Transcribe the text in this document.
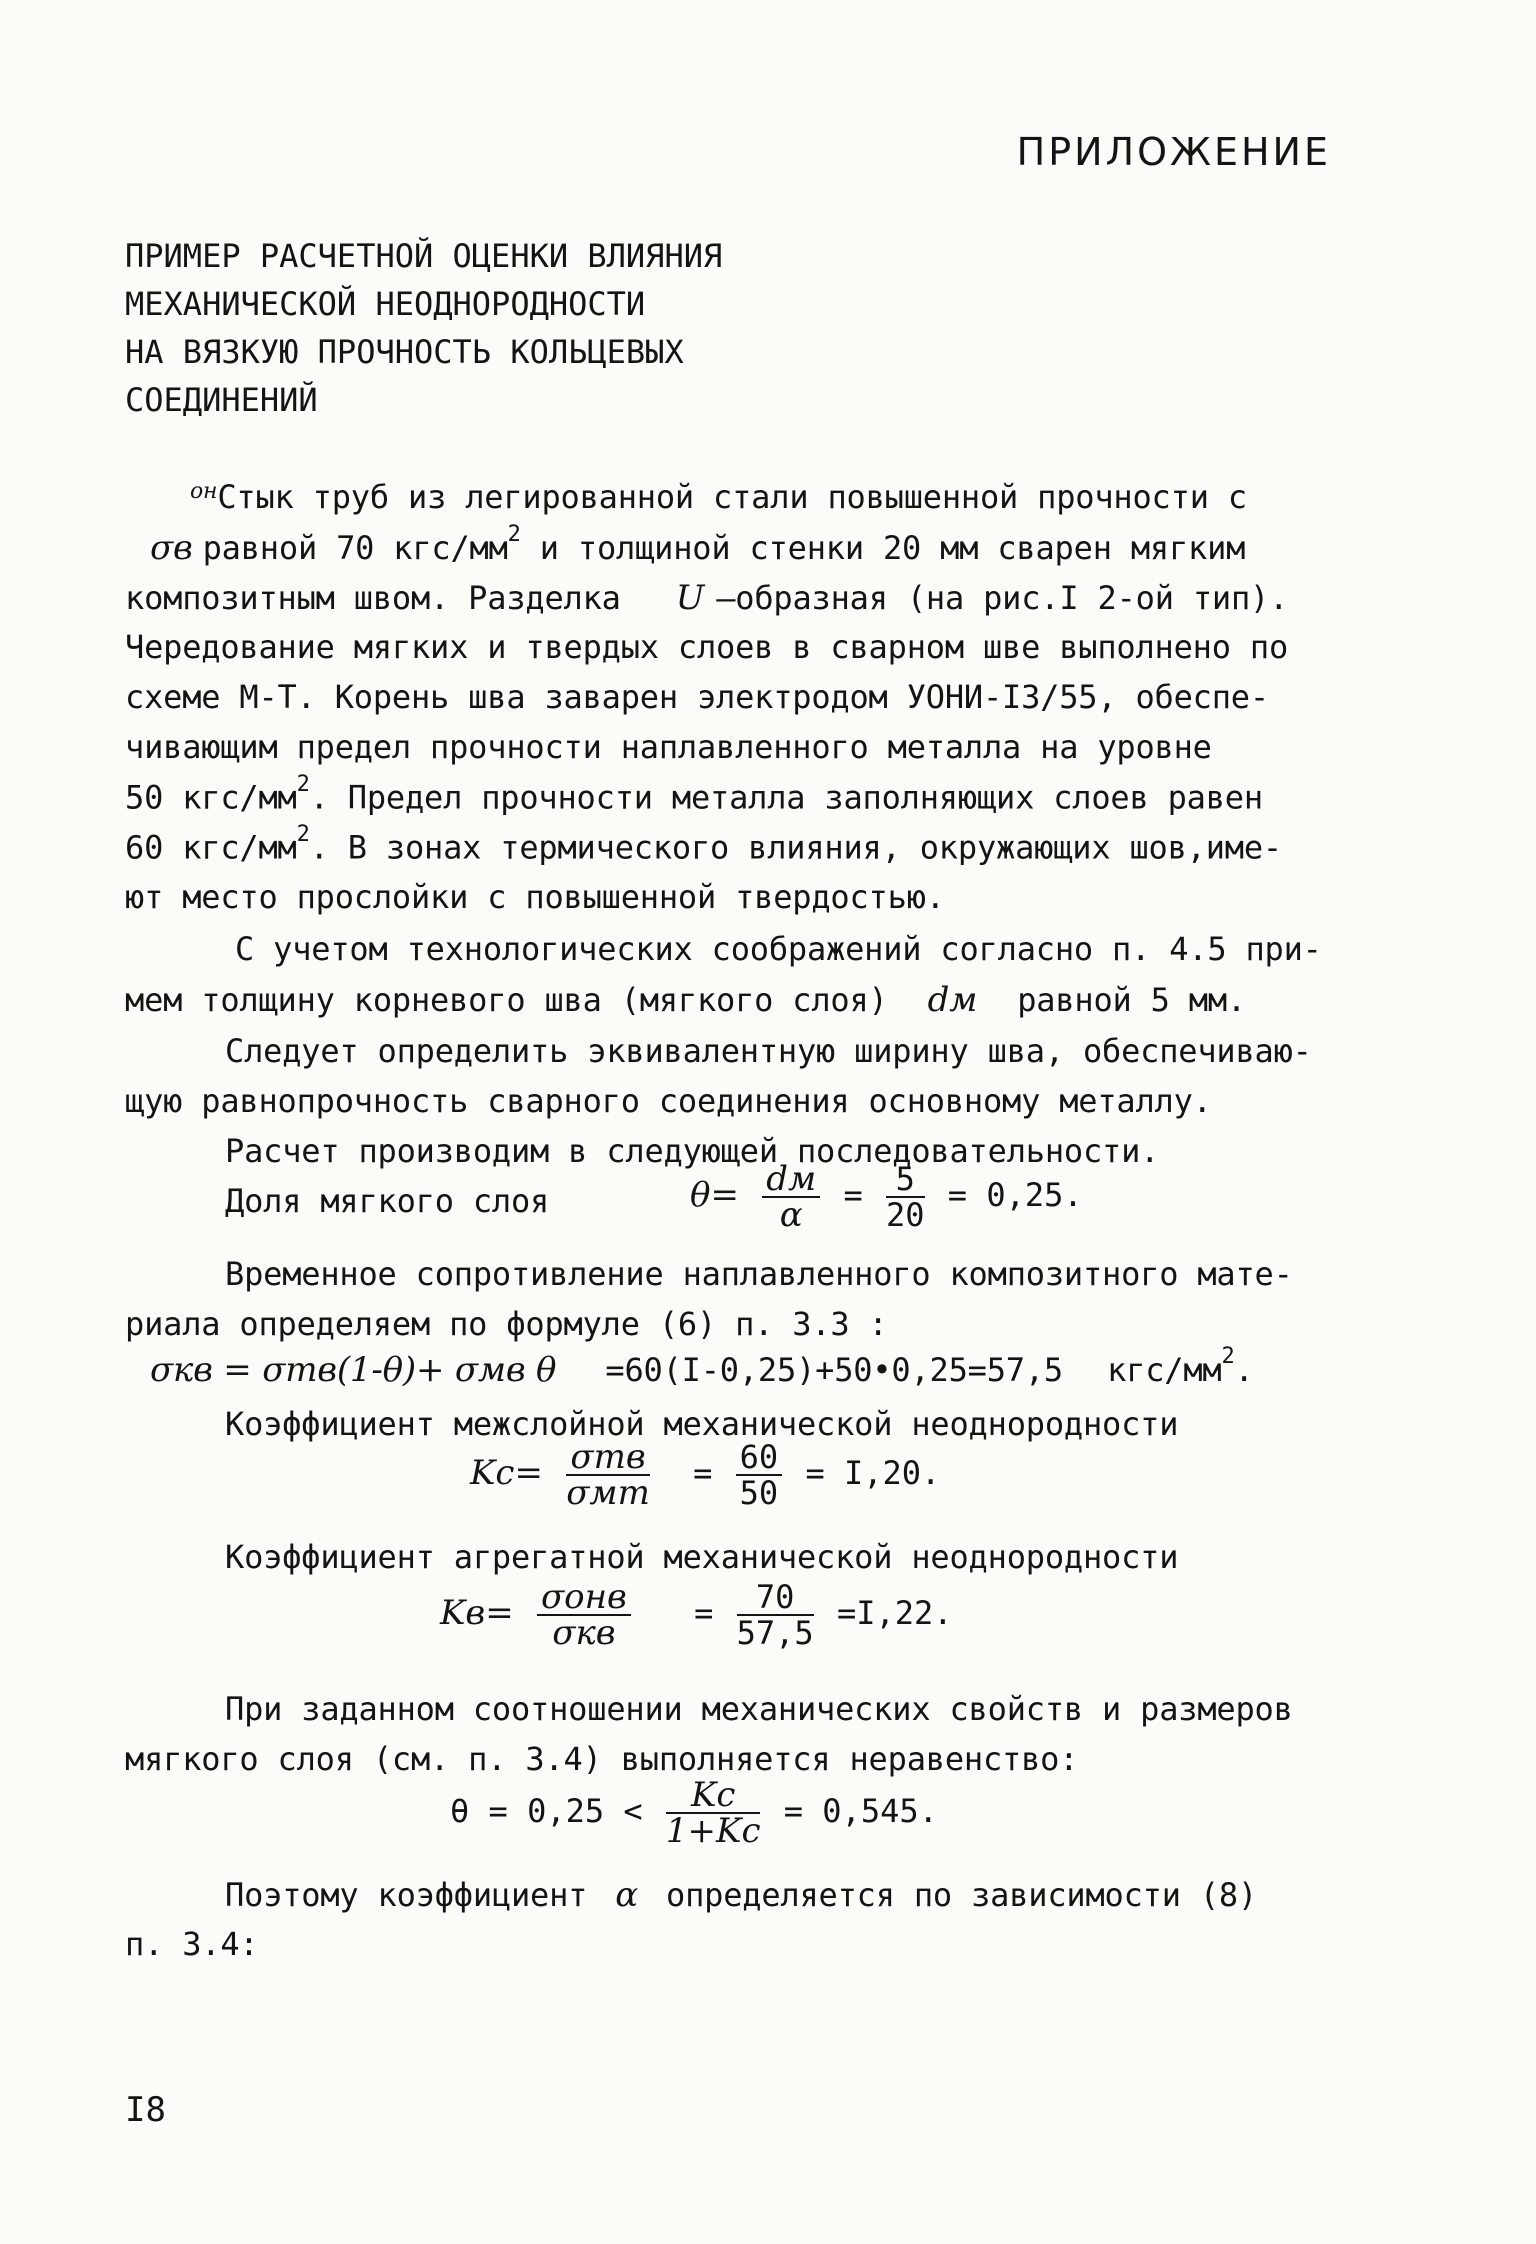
ПРИЛОЖЕНИЕ
ПРИМЕР РАСЧЕТНОЙ ОЦЕНКИ ВЛИЯНИЯ
МЕХАНИЧЕСКОЙ НЕОДНОРОДНОСТИ
НА ВЯЗКУЮ ПРОЧНОСТЬ КОЛЬЦЕВЫХ
СОЕДИНЕНИЙ
$^{он}$Стык труб из легированной стали повышенной прочности с
σв равной 70 кгс/$мм^2$ и толщиной стенки 20 мм сварен мягким
композитным швом. Разделка U –образная (на рис.I 2-ой тип).
Чередование мягких и твердых слоев в сварном шве выполнено по
схеме М-Т. Корень шва заварен электродом УОНИ-I3/55, обеспе-
чивающим предел прочности наплавленного металла на уровне
50 кгс/$мм^2$. Предел прочности металла заполняющих слоев равен
60 кгс/$мм^2$. В зонах термического влияния, окружающих шов,име-
ют место прослойки с повышенной твердостью.
С учетом технологических соображений согласно п. 4.5 при-
мем толщину корневого шва (мягкого слоя) dм равной 5 мм.
Следует определить эквивалентную ширину шва, обеспечиваю-
щую равнопрочность сварного соединения основному металлу.
Расчет производим в следующей последовательности.
Доля мягкого слоя	$\theta= \frac{dм}{\alpha} = \frac{5}{20} = 0,25$.
Временное сопротивление наплавленного композитного мате-
риала определяем по формуле (6) п. 3.3 :
σкв = σтв(1-θ)+ σмв θ =60(I-0,25)+50•0,25=57,5 кгс/$мм^2$.
Коэффициент межслойной механической неоднородности
$Kс= \frac{\text{σтв}}{\text{σмт}} = \frac{60}{50} = I,20$.
Коэффициент агрегатной механической неоднородности
$Kв= \frac{\text{σонв}}{\text{σкв}} = \frac{70}{57,5} =I,22$.
При заданном соотношении механических свойств и размеров
мягкого слоя (см. п. 3.4) выполняется неравенство:
$\theta = 0,25 < \frac{Kс}{1+Kс} = 0,545$.
Поэтому коэффициент α определяется по зависимости (8)
п. 3.4:
I8
